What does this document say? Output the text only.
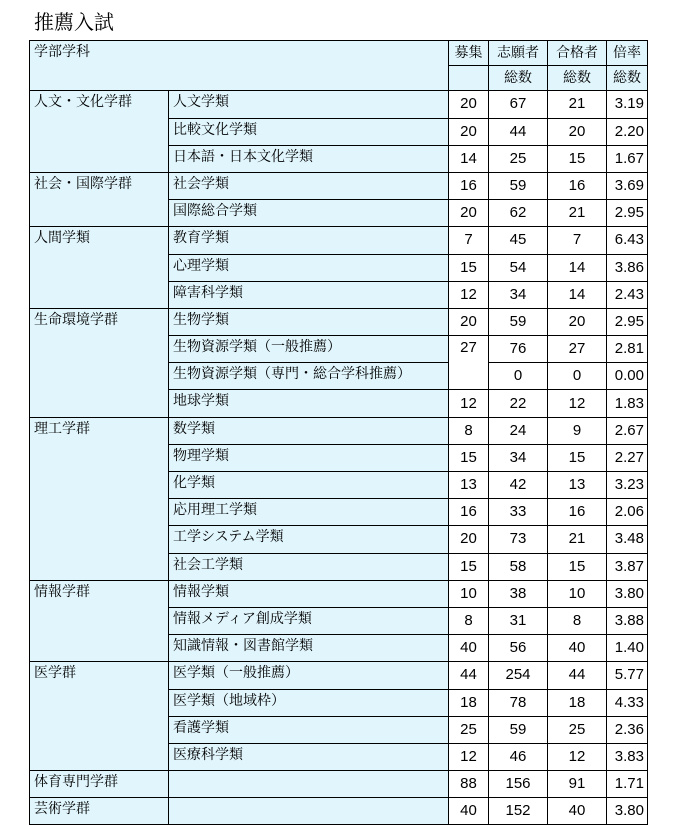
推薦入試
学部学科		募集	志願者	合格者	倍率
			総数	総数	総数
人文・文化学群	人文学類	20	67	21	3.19
	比較文化学類	20	44	20	2.20
	日本語・日本文化学類	14	25	15	1.67
社会・国際学群	社会学類	16	59	16	3.69
	国際総合学類	20	62	21	2.95
人間学類	教育学類	7	45	7	6.43
	心理学類	15	54	14	3.86
	障害科学類	12	34	14	2.43
生命環境学群	生物学類	20	59	20	2.95
	生物資源学類（一般推薦）	27	76	27	2.81
	生物資源学類（専門・総合学科推薦）		0	0	0.00
	地球学類	12	22	12	1.83
理工学群	数学類	8	24	9	2.67
	物理学類	15	34	15	2.27
	化学類	13	42	13	3.23
	応用理工学類	16	33	16	2.06
	工学システム学類	20	73	21	3.48
	社会工学類	15	58	15	3.87
情報学群	情報学類	10	38	10	3.80
	情報メディア創成学類	8	31	8	3.88
	知識情報・図書館学類	40	56	40	1.40
医学群	医学類（一般推薦）	44	254	44	5.77
	医学類（地域枠）	18	78	18	4.33
	看護学類	25	59	25	2.36
	医療科学類	12	46	12	3.83
体育専門学群		88	156	91	1.71
芸術学群		40	152	40	3.80
